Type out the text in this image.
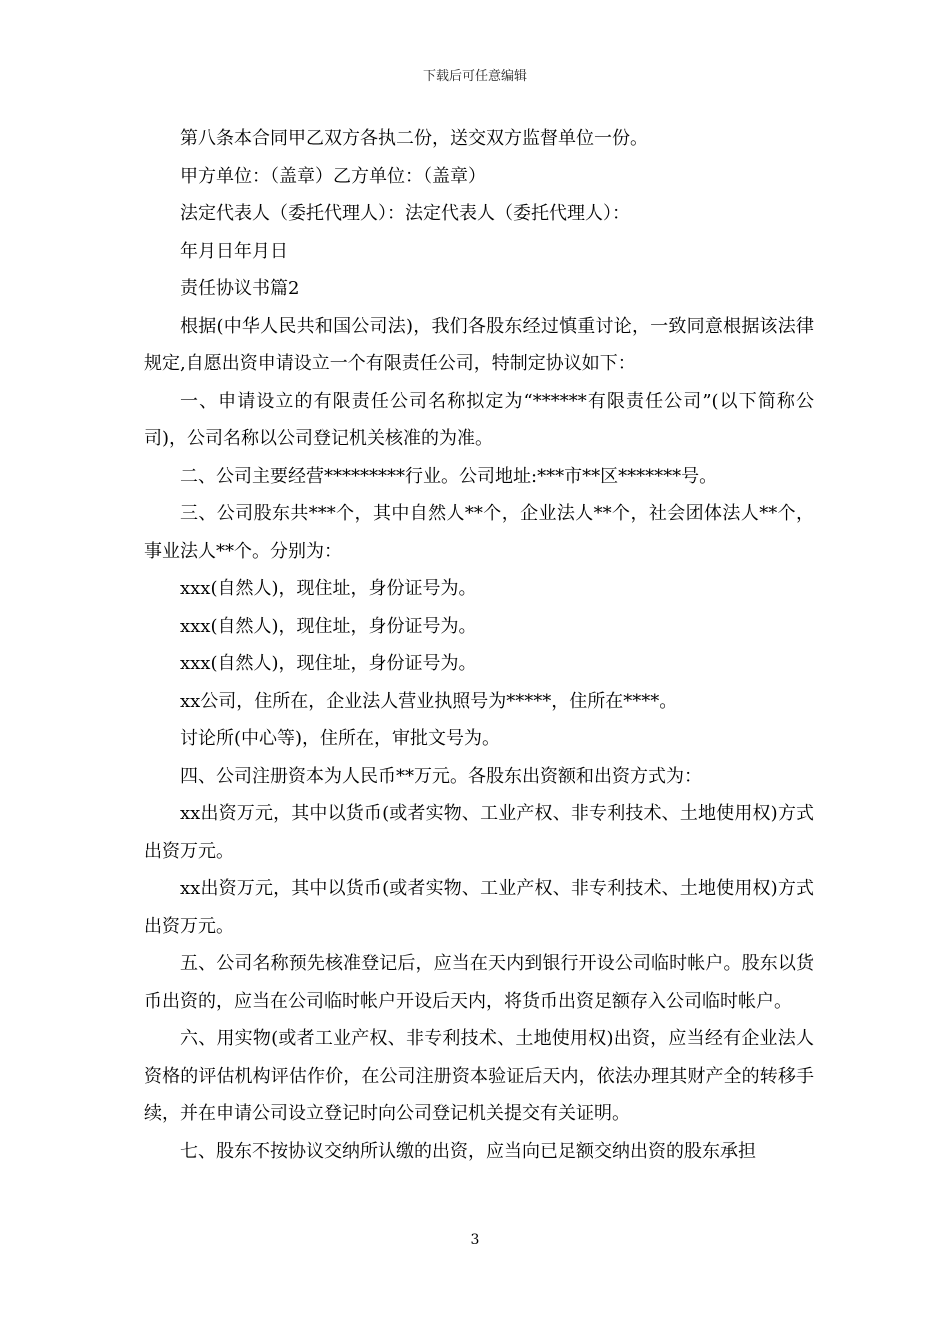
下载后可任意编辑

第八条本合同甲乙双方各执二份，送交双方监督单位一份。

甲方单位：（盖章）乙方单位：（盖章）

法定代表人（委托代理人）：法定代表人（委托代理人）：

年月日年月日

责任协议书篇2

根据(中华人民共和国公司法)，我们各股东经过慎重讨论，一致同意根据该法律规定,自愿出资申请设立一个有限责任公司，特制定协议如下：

一、申请设立的有限责任公司名称拟定为“******有限责任公司”(以下简称公司)，公司名称以公司登记机关核准的为准。

二、公司主要经营*********行业。公司地址:***市**区*******号。

三、公司股东共***个，其中自然人**个，企业法人**个，社会团体法人**个，事业法人**个。分别为：

xxx(自然人)，现住址，身份证号为。

xxx(自然人)，现住址，身份证号为。

xxx(自然人)，现住址，身份证号为。

xx公司，住所在，企业法人营业执照号为*****，住所在****。

讨论所(中心等)，住所在，审批文号为。

四、公司注册资本为人民币**万元。各股东出资额和出资方式为：

xx出资万元，其中以货币(或者实物、工业产权、非专利技术、土地使用权)方式出资万元。

xx出资万元，其中以货币(或者实物、工业产权、非专利技术、土地使用权)方式出资万元。

五、公司名称预先核准登记后，应当在天内到银行开设公司临时帐户。股东以货币出资的，应当在公司临时帐户开设后天内，将货币出资足额存入公司临时帐户。

六、用实物(或者工业产权、非专利技术、土地使用权)出资，应当经有企业法人资格的评估机构评估作价，在公司注册资本验证后天内，依法办理其财产全的转移手续，并在申请公司设立登记时向公司登记机关提交有关证明。

七、股东不按协议交纳所认缴的出资，应当向已足额交纳出资的股东承担

3
